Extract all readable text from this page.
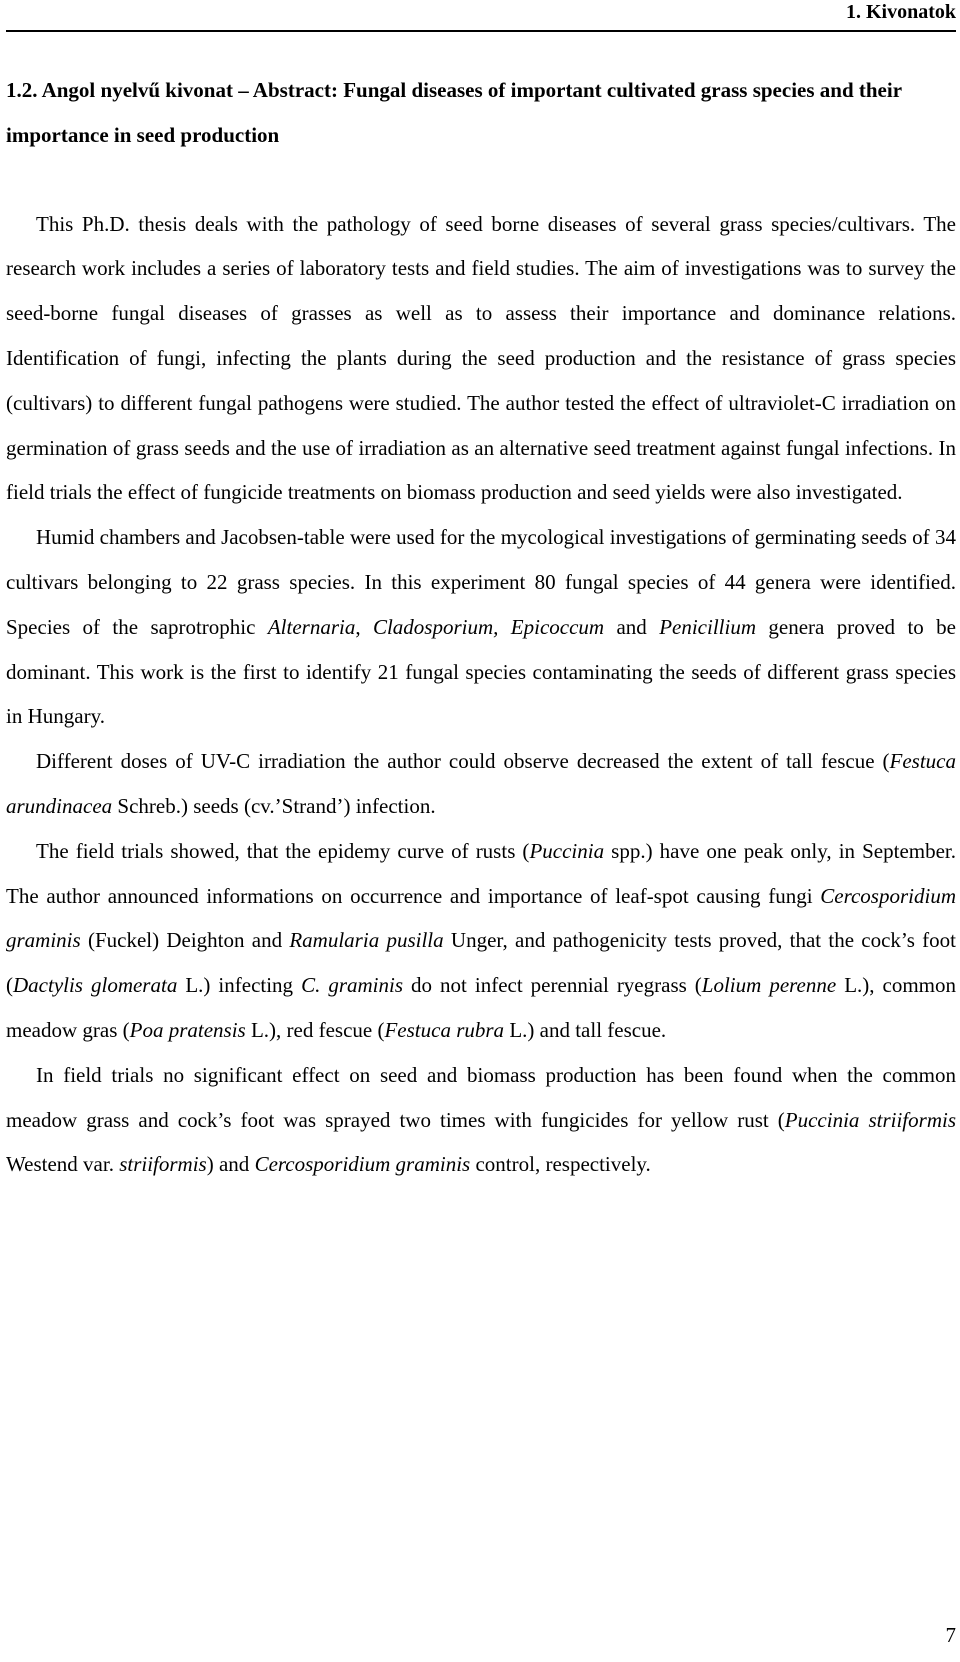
1. Kivonatok
1.2. Angol nyelvű kivonat – Abstract: Fungal diseases of important cultivated grass species and their importance in seed production

This Ph.D. thesis deals with the pathology of seed borne diseases of several grass species/cultivars. The research work includes a series of laboratory tests and field studies. The aim of investigations was to survey the seed-borne fungal diseases of grasses as well as to assess their importance and dominance relations. Identification of fungi, infecting the plants during the seed production and the resistance of grass species (cultivars) to different fungal pathogens were studied. The author tested the effect of ultraviolet-C irradiation on germination of grass seeds and the use of irradiation as an alternative seed treatment against fungal infections. In field trials the effect of fungicide treatments on biomass production and seed yields were also investigated.

Humid chambers and Jacobsen-table were used for the mycological investigations of germinating seeds of 34 cultivars belonging to 22 grass species. In this experiment 80 fungal species of 44 genera were identified. Species of the saprotrophic Alternaria, Cladosporium, Epicoccum and Penicillium genera proved to be dominant. This work is the first to identify 21 fungal species contaminating the seeds of different grass species in Hungary.

Different doses of UV-C irradiation the author could observe decreased the extent of tall fescue (Festuca arundinacea Schreb.) seeds (cv.’Strand’) infection.

The field trials showed, that the epidemy curve of rusts (Puccinia spp.) have one peak only, in September. The author announced informations on occurrence and importance of leaf-spot causing fungi Cercosporidium graminis (Fuckel) Deighton and Ramularia pusilla Unger, and pathogenicity tests proved, that the cock’s foot (Dactylis glomerata L.) infecting C. graminis do not infect perennial ryegrass (Lolium perenne L.), common meadow gras (Poa pratensis L.), red fescue (Festuca rubra L.) and tall fescue.

In field trials no significant effect on seed and biomass production has been found when the common meadow grass and cock’s foot was sprayed two times with fungicides for yellow rust (Puccinia striiformis Westend var. striiformis) and Cercosporidium graminis control, respectively.

7
